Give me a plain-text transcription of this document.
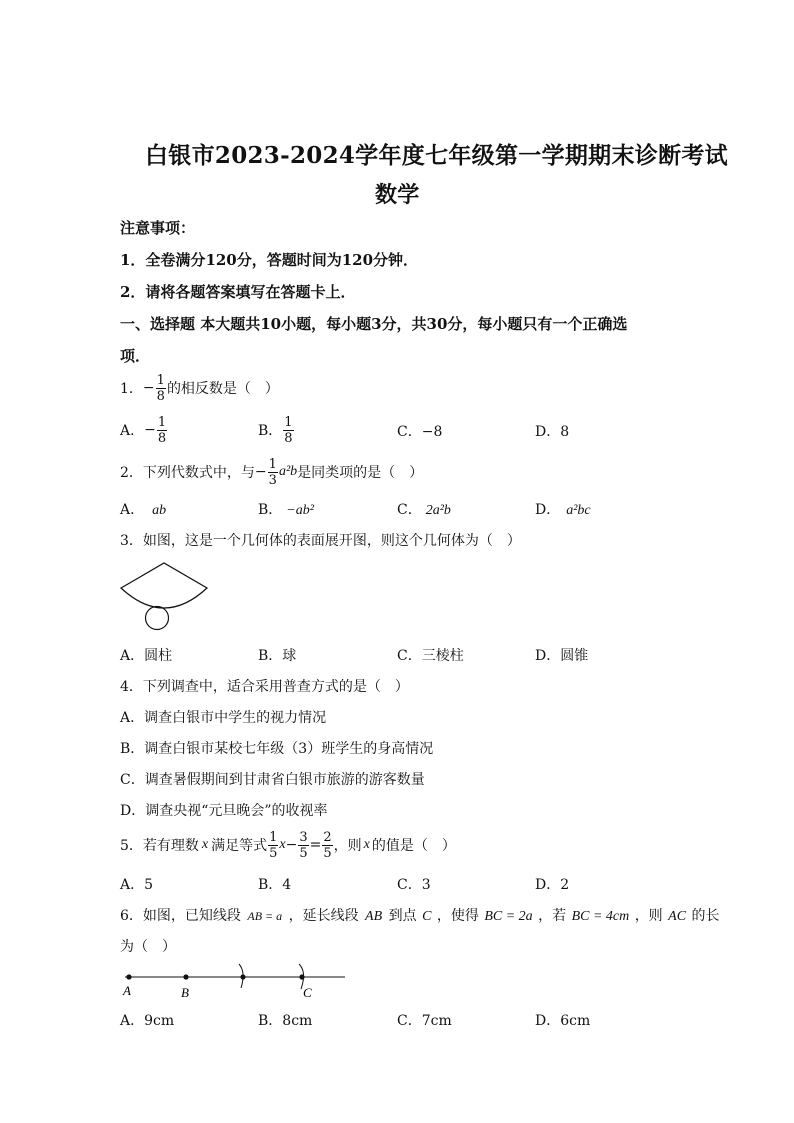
白银市2023-2024学年度七年级第一学期期末诊断考试
数学
注意事项：
1．全卷满分120分，答题时间为120分钟．
2．请将各题答案填写在答题卡上．
一、选择题 本大题共10小题，每小题3分，共30分，每小题只有一个正确选
项．
1． − $\frac{1}{8}$ 的相反数是（　）
A． − $\frac{1}{8}$	B． $\frac{1}{8}$	C．−8	D．8
2． 下列代数式中，与 − $\frac{1}{3} a^2b$ 是同类项的是（　）
A． ab	B． −ab²	C． 2a²b	D． a²bc
3．如图，这是一个几何体的表面展开图，则这个几何体为（　）
A．圆柱	B．球	C．三棱柱	D．圆锥
4．下列调查中，适合采用普查方式的是（　）
A．调查白银市中学生的视力情况
B．调查白银市某校七年级（3）班学生的身高情况
C．调查暑假期间到甘肃省白银市旅游的游客数量
D．调查央视“元旦晚会”的收视率
5． 若有理数 x 满足等式 $\frac{1}{5}$ $x - \frac{3}{5} = \frac{2}{5}$ ，则 x 的值是（　）
A．5	B．4	C．3	D．2
6．如图，已知线段 AB = a ，延长线段 AB 到点 C ，使得 BC = 2a ，若 BC = 4cm ，则 AC 的长
为（　）
A	B	C
A．9cm	B．8cm	C．7cm	D．6cm
